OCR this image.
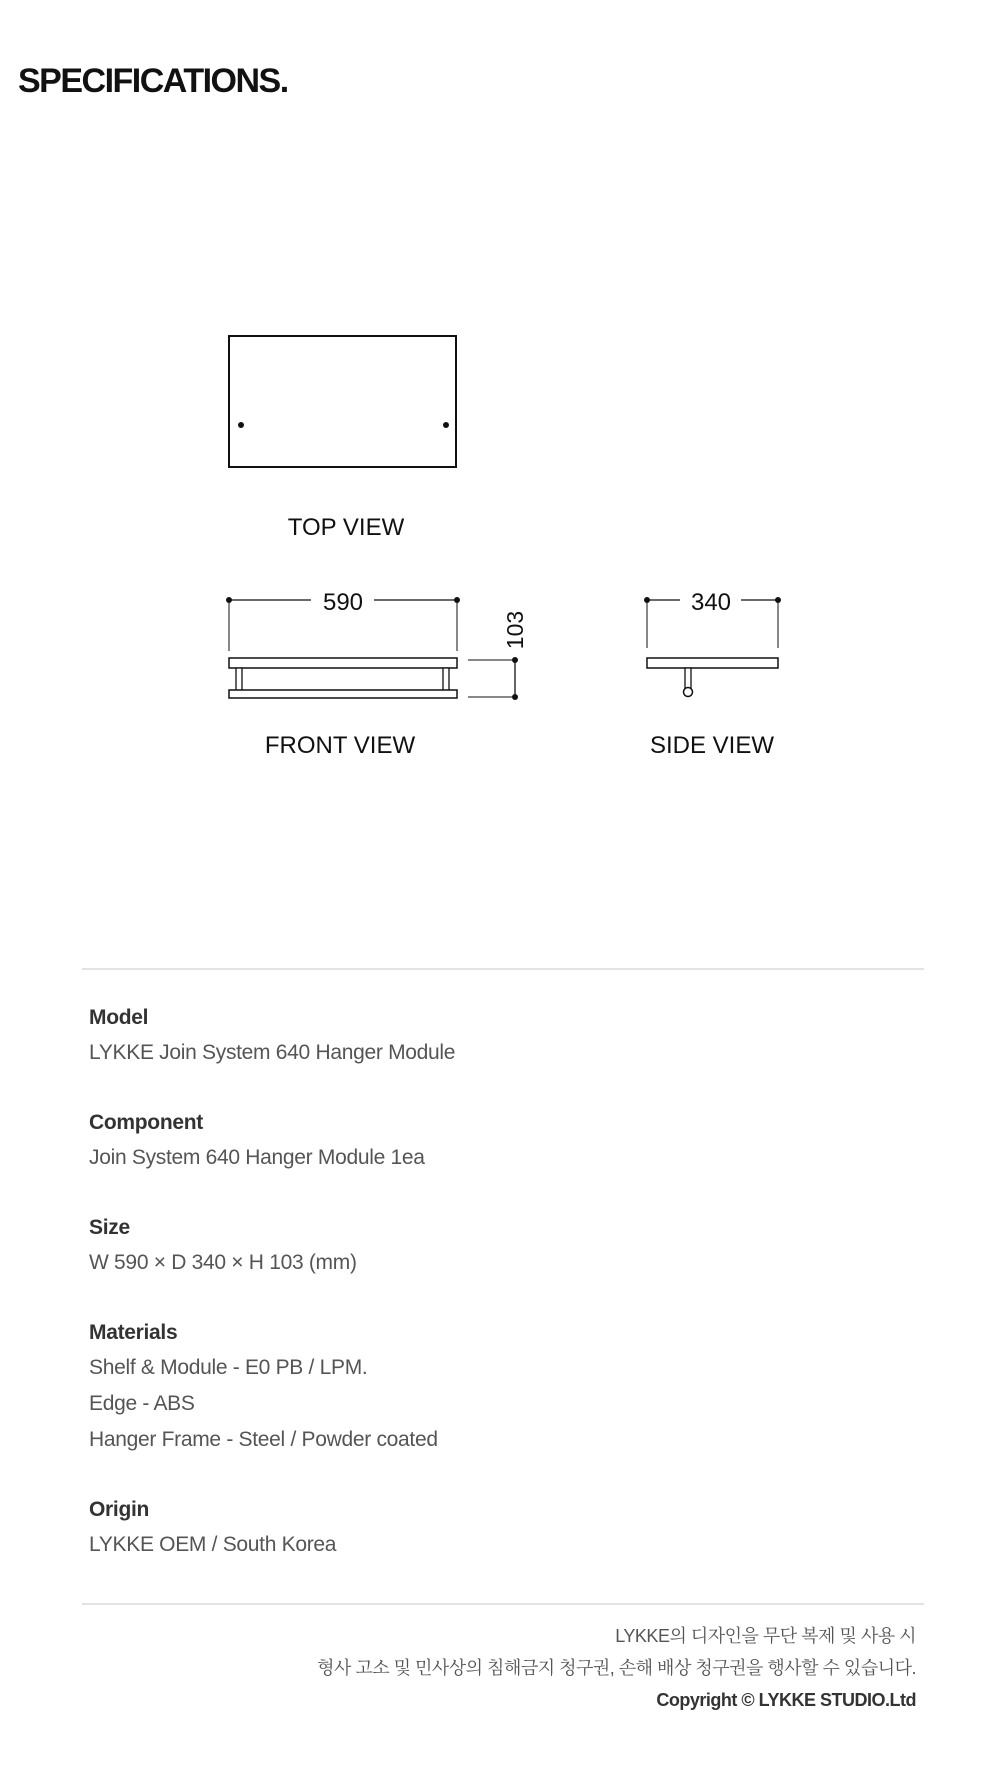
SPECIFICATIONS.
TOP VIEW
590
103
FRONT VIEW
340
SIDE VIEW
Model
LYKKE Join System 640 Hanger Module
Component
Join System 640 Hanger Module 1ea
Size
W 590 × D 340 × H 103 (mm)
Materials
Shelf & Module - E0 PB / LPM.
Edge - ABS
Hanger Frame - Steel / Powder coated
Origin
LYKKE OEM / South Korea
LYKKE의 디자인을 무단 복제 및 사용 시
형사 고소 및 민사상의 침해금지 청구권, 손해 배상 청구권을 행사할 수 있습니다.
Copyright © LYKKE STUDIO.Ltd
